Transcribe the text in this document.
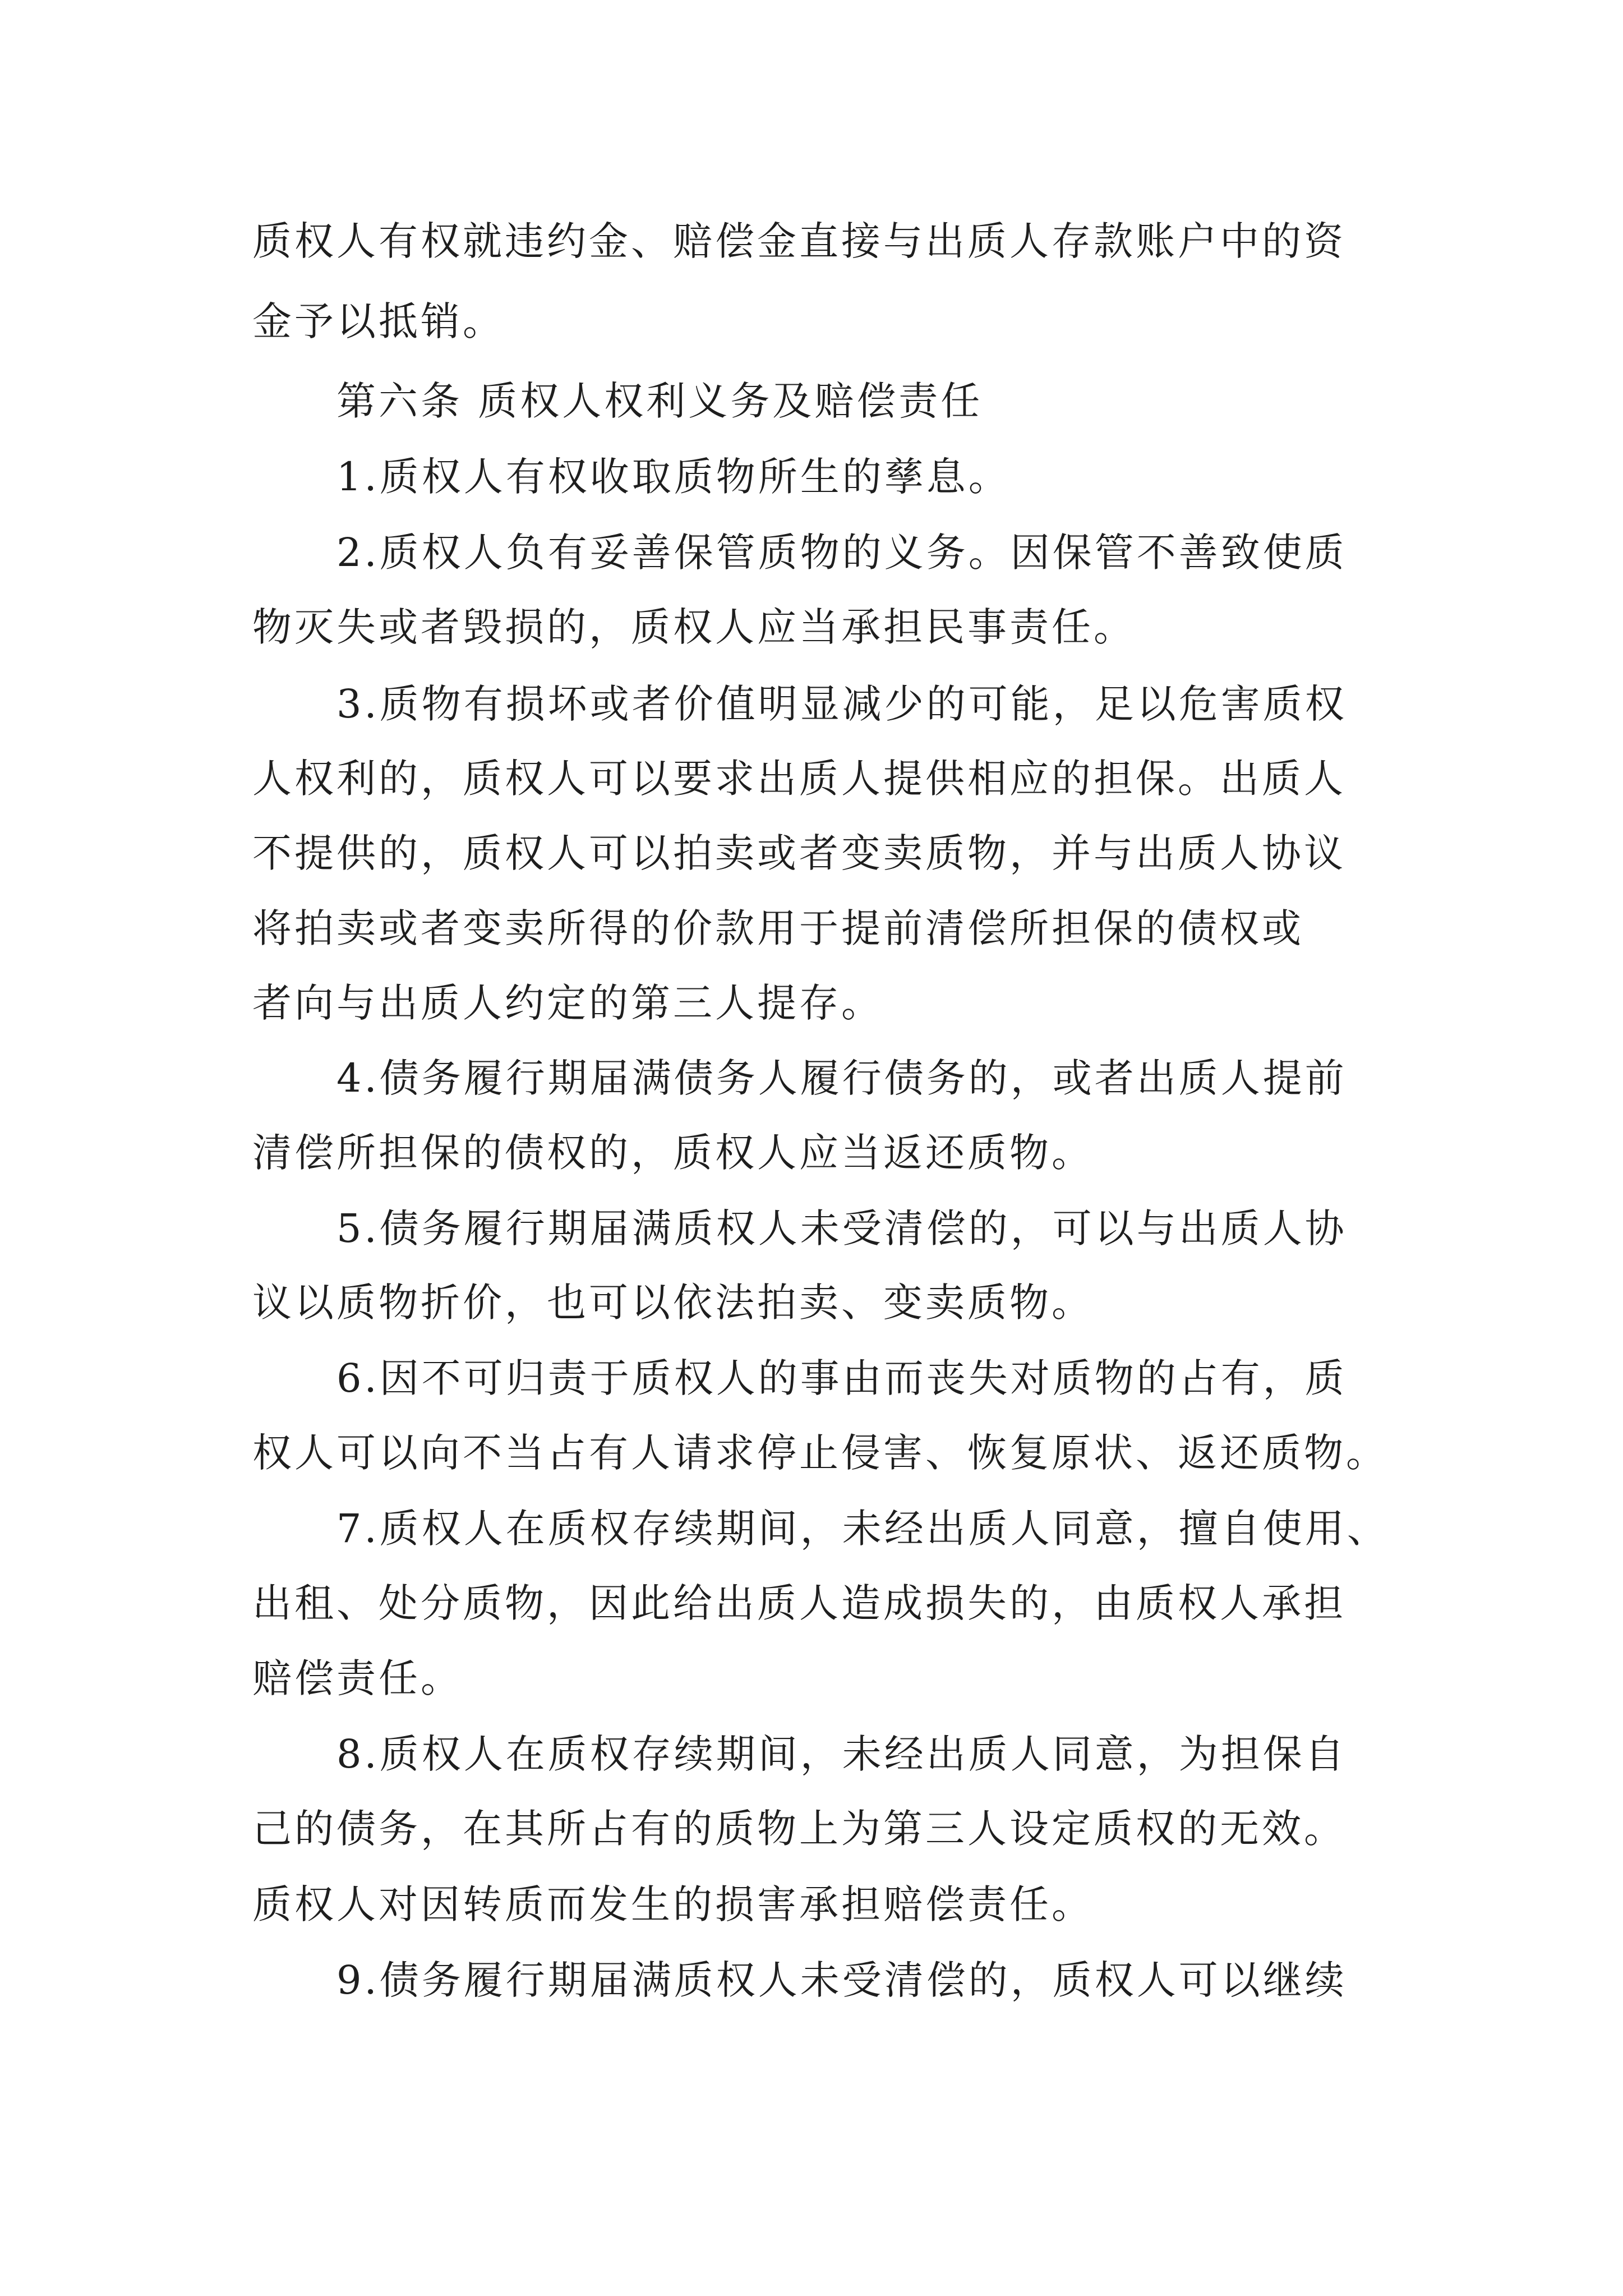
质权人有权就违约金、赔偿金直接与出质人存款账户中的资
金予以抵销。
第六条 质权人权利义务及赔偿责任
1.质权人有权收取质物所生的孳息。
2.质权人负有妥善保管质物的义务。因保管不善致使质
物灭失或者毁损的，质权人应当承担民事责任。
3.质物有损坏或者价值明显减少的可能，足以危害质权
人权利的，质权人可以要求出质人提供相应的担保。出质人
不提供的，质权人可以拍卖或者变卖质物，并与出质人协议
将拍卖或者变卖所得的价款用于提前清偿所担保的债权或
者向与出质人约定的第三人提存。
4.债务履行期届满债务人履行债务的，或者出质人提前
清偿所担保的债权的，质权人应当返还质物。
5.债务履行期届满质权人未受清偿的，可以与出质人协
议以质物折价，也可以依法拍卖、变卖质物。
6.因不可归责于质权人的事由而丧失对质物的占有，质
权人可以向不当占有人请求停止侵害、恢复原状、返还质物。
7.质权人在质权存续期间，未经出质人同意，擅自使用、
出租、处分质物，因此给出质人造成损失的，由质权人承担
赔偿责任。
8.质权人在质权存续期间，未经出质人同意，为担保自
己的债务，在其所占有的质物上为第三人设定质权的无效。
质权人对因转质而发生的损害承担赔偿责任。
9.债务履行期届满质权人未受清偿的，质权人可以继续
